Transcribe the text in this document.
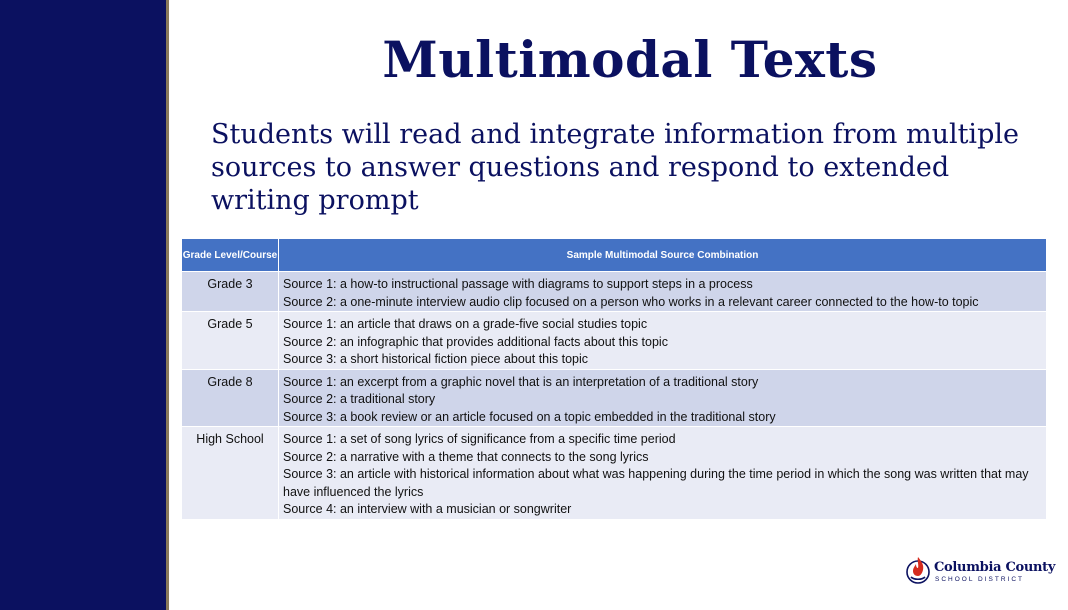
Multimodal Texts
Students will read and integrate information from multiple sources to answer questions and respond to extended writing prompt
Grade Level/Course	Sample Multimodal Source Combination
Grade 3	Source 1: a how-to instructional passage with diagrams to support steps in a process
Source 2: a one-minute interview audio clip focused on a person who works in a relevant career connected to the how-to topic

Grade 5	Source 1: an article that draws on a grade-five social studies topic
Source 2: an infographic that provides additional facts about this topic
Source 3: a short historical fiction piece about this topic

Grade 8	Source 1: an excerpt from a graphic novel that is an interpretation of a traditional story
Source 2: a traditional story
Source 3: a book review or an article focused on a topic embedded in the traditional story

High School	Source 1: a set of song lyrics of significance from a specific time period
Source 2: a narrative with a theme that connects to the song lyrics
Source 3: an article with historical information about what was happening during the time period in which the song was written that may have influenced the lyrics
Source 4: an interview with a musician or songwriter
Columbia County
SCHOOL DISTRICT
